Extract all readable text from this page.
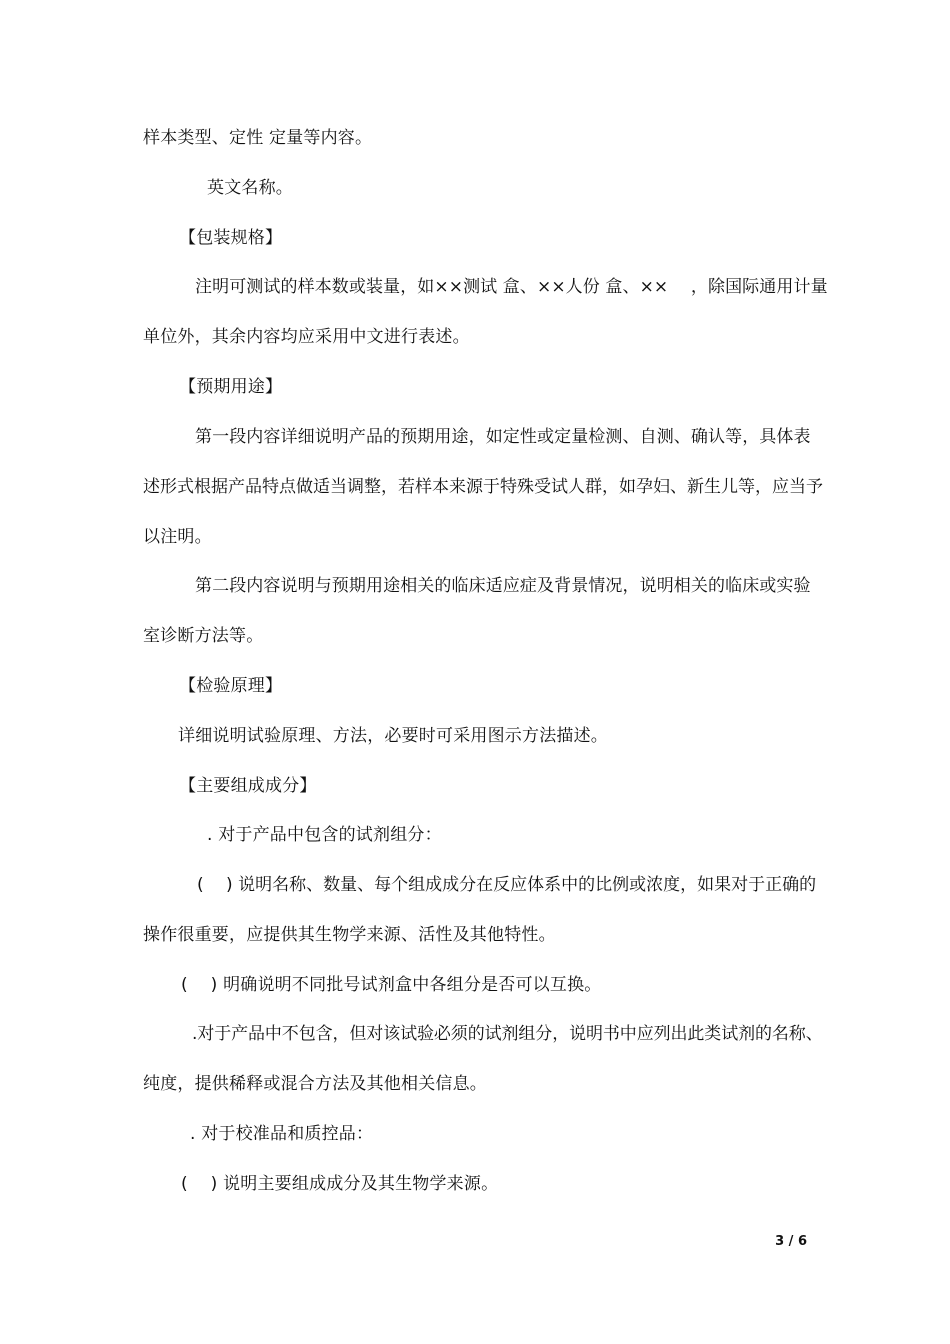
样本类型、定性 定量等内容。
英文名称。
【包装规格】
注明可测试的样本数或装量，如××测试 盒、××人份 盒、××　 ，除国际通用计量
单位外，其余内容均应采用中文进行表述。
【预期用途】
第一段内容详细说明产品的预期用途，如定性或定量检测、自测、确认等，具体表
述形式根据产品特点做适当调整，若样本来源于特殊受试人群，如孕妇、新生儿等，应当予
以注明。
第二段内容说明与预期用途相关的临床适应症及背景情况，说明相关的临床或实验
室诊断方法等。
【检验原理】
详细说明试验原理、方法，必要时可采用图示方法描述。
【主要组成成分】
. 对于产品中包含的试剂组分：
(　 ) 说明名称、数量、每个组成成分在反应体系中的比例或浓度，如果对于正确的
操作很重要，应提供其生物学来源、活性及其他特性。
(　 ) 明确说明不同批号试剂盒中各组分是否可以互换。
.对于产品中不包含，但对该试验必须的试剂组分，说明书中应列出此类试剂的名称、
纯度，提供稀释或混合方法及其他相关信息。
. 对于校准品和质控品：
(　 ) 说明主要组成成分及其生物学来源。
3 / 6
